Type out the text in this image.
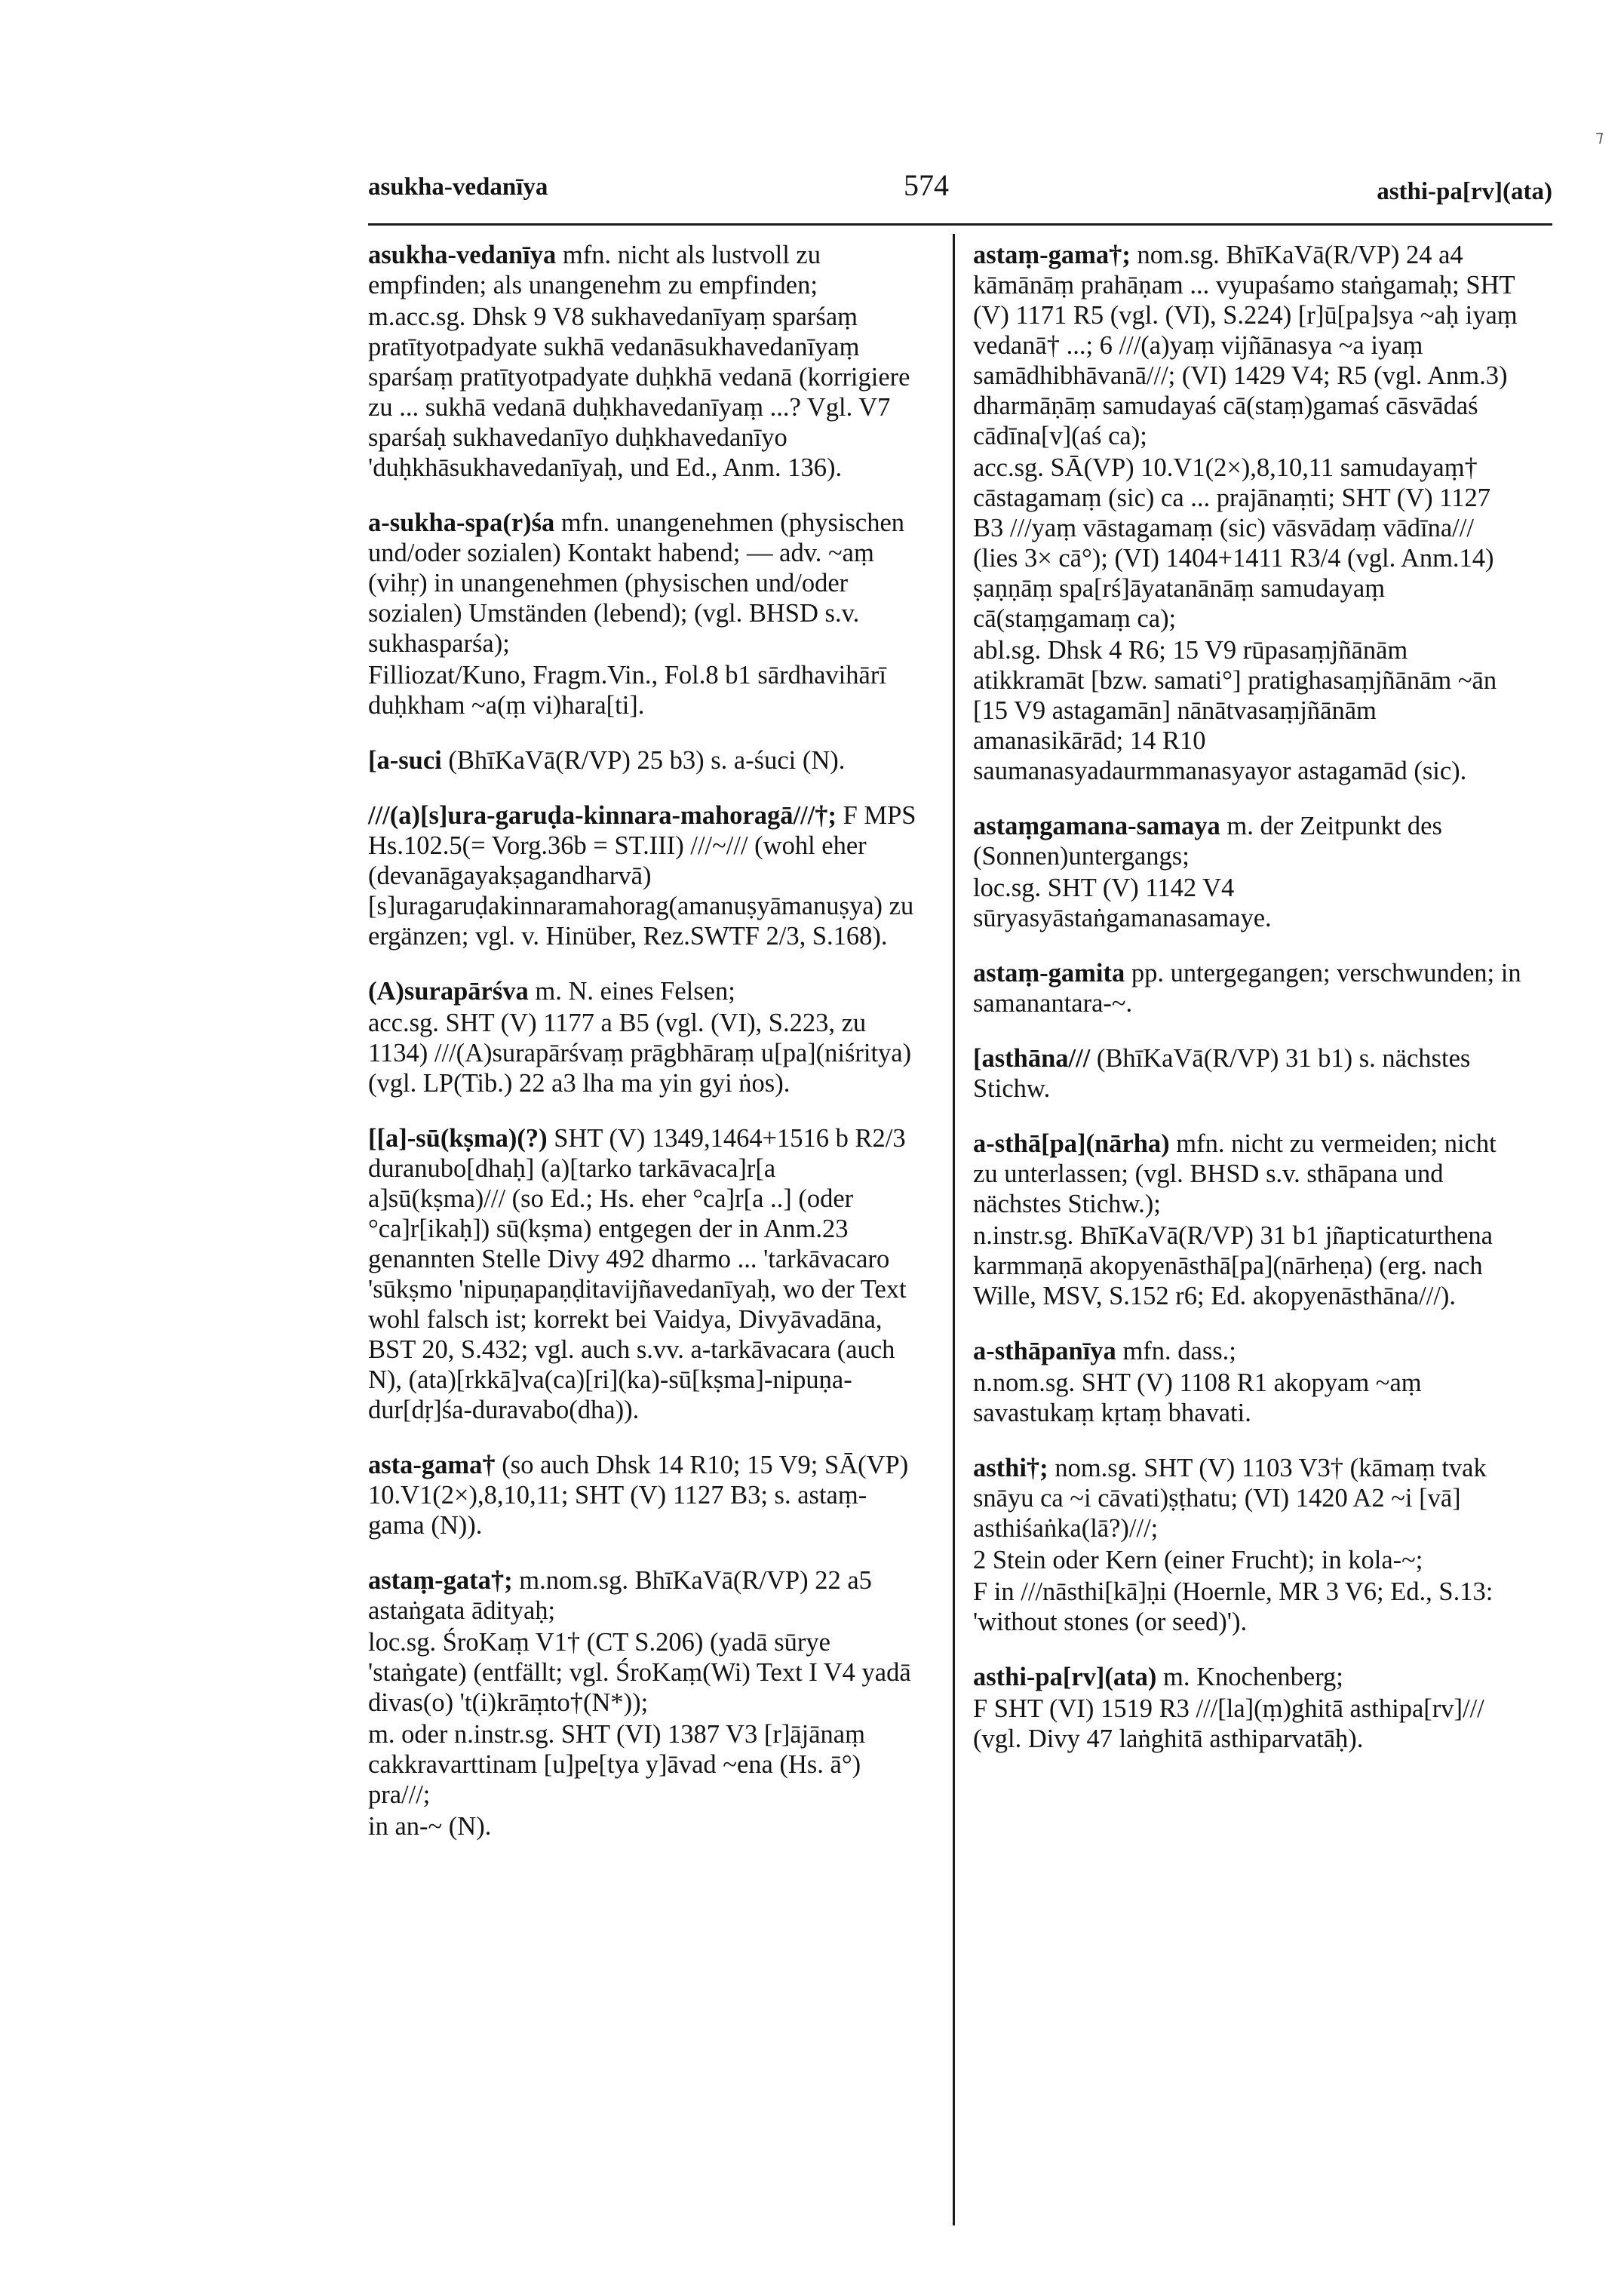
⁊
asukha-vedanīya	574	asthi-pa[rv](ata)

asukha-vedanīya mfn. nicht als lustvoll zu empfinden; als unangenehm zu empfinden;

m.acc.sg. Dhsk 9 V8 sukhavedanīyaṃ sparśaṃ pratītyotpadyate sukhā vedanāsukhavedanīyaṃ sparśaṃ pratītyotpadyate duḥkhā vedanā (korrigiere zu ... sukhā vedanā duḥkhavedanīyaṃ ...? Vgl. V7 sparśaḥ sukhavedanīyo duḥkhavedanīyo 'duḥkhāsukhavedanīyaḥ, und Ed., Anm. 136).

a-sukha-spa(r)śa mfn. unangenehmen (physischen und/oder sozialen) Kontakt habend; — adv. ~aṃ (vihṛ) in unangenehmen (physischen und/oder sozialen) Umständen (lebend); (vgl. BHSD s.v. sukhasparśa);

Filliozat/Kuno, Fragm.Vin., Fol.8 b1 sārdhavihārī duḥkham ~a(ṃ vi)hara[ti].

[a-suci (BhīKaVā(R/VP) 25 b3) s. a-śuci (N).

///(a)[s]ura-garuḍa-kinnara-mahoragā///†; F MPS Hs.102.5(= Vorg.36b = ST.III) ///~/// (wohl eher (devanāgayakṣagandharvā)[s]uragaruḍakinnaramahorag(amanuṣyāmanuṣya) zu ergänzen; vgl. v. Hinüber, Rez.SWTF 2/3, S.168).

(A)surapārśva m. N. eines Felsen;

acc.sg. SHT (V) 1177 a B5 (vgl. (VI), S.223, zu 1134) ///(A)surapārśvaṃ prāgbhāraṃ u[pa](niśritya) (vgl. LP(Tib.) 22 a3 lha ma yin gyi ṅos).

[[a]-sū(kṣma)(?) SHT (V) 1349,1464+1516 b R2/3 duranubo[dhaḥ] (a)[tarko tarkāvaca]r[a a]sū(kṣma)/// (so Ed.; Hs. eher °ca]r[a ..] (oder °ca]r[ikaḥ]) sū(kṣma) entgegen der in Anm.23 genannten Stelle Divy 492 dharmo ... 'tarkāvacaro 'sūkṣmo 'nipuṇapaṇḍitavijñavedanīyaḥ, wo der Text wohl falsch ist; korrekt bei Vaidya, Divyāvadāna, BST 20, S.432; vgl. auch s.vv. a-tarkāvacara (auch N), (ata)[rkkā]va(ca)[ri](ka)-sū[kṣma]-nipuṇa-dur[dṛ]śa-duravabo(dha)).

asta-gama† (so auch Dhsk 14 R10; 15 V9; SĀ(VP) 10.V1(2×),8,10,11; SHT (V) 1127 B3; s. astaṃ-gama (N)).

astaṃ-gata†; m.nom.sg. BhīKaVā(R/VP) 22 a5 astaṅgata ādityaḥ;

loc.sg. ŚroKaṃ V1† (CT S.206) (yadā sūrye 'staṅgate) (entfällt; vgl. ŚroKaṃ(Wi) Text I V4 yadā divas(o) 't(i)krāṃto†(N*));

m. oder n.instr.sg. SHT (VI) 1387 V3 [r]ājānaṃ cakkravarttinam [u]pe[tya y]āvad ~ena (Hs. ā°) pra///;

in an-~ (N).

astaṃ-gama†; nom.sg. BhīKaVā(R/VP) 24 a4 kāmānāṃ prahāṇam ... vyupaśamo staṅgamaḥ; SHT (V) 1171 R5 (vgl. (VI), S.224) [r]ū[pa]sya ~aḥ iyaṃ vedanā† ...; 6 ///(a)yaṃ vijñānasya ~a iyaṃ samādhibhāvanā///; (VI) 1429 V4; R5 (vgl. Anm.3) dharmāṇāṃ samudayaś cā(staṃ)gamaś cāsvādaś cādīna[v](aś ca);

acc.sg. SĀ(VP) 10.V1(2×),8,10,11 samudayaṃ† cāstagamaṃ (sic) ca ... prajānaṃti; SHT (V) 1127 B3 ///yaṃ vāstagamaṃ (sic) vāsvādaṃ vādīna/// (lies 3× cā°); (VI) 1404+1411 R3/4 (vgl. Anm.14) ṣaṇṇāṃ spa[rś]āyatanānāṃ samudayaṃ cā(staṃgamaṃ ca);

abl.sg. Dhsk 4 R6; 15 V9 rūpasaṃjñānām atikkramāt [bzw. samati°] pratighasaṃjñānām ~ān [15 V9 astagamān] nānātvasaṃjñānām amanasikārād; 14 R10 saumanasyadaurmmanasyayor astagamād (sic).

astaṃgamana-samaya m. der Zeitpunkt des (Sonnen)untergangs;

loc.sg. SHT (V) 1142 V4 sūryasyāstaṅgamanasamaye.

astaṃ-gamita pp. untergegangen; verschwunden; in samanantara-~.

[asthāna/// (BhīKaVā(R/VP) 31 b1) s. nächstes Stichw.

a-sthā[pa](nārha) mfn. nicht zu vermeiden; nicht zu unterlassen; (vgl. BHSD s.v. sthāpana und nächstes Stichw.);

n.instr.sg. BhīKaVā(R/VP) 31 b1 jñapticaturthena karmmaṇā akopyenāsthā[pa](nārheṇa) (erg. nach Wille, MSV, S.152 r6; Ed. akopyenāsthāna///).

a-sthāpanīya mfn. dass.;

n.nom.sg. SHT (V) 1108 R1 akopyam ~aṃ savastukaṃ kṛtaṃ bhavati.

asthi†; nom.sg. SHT (V) 1103 V3† (kāmaṃ tvak snāyu ca ~i cāvati)ṣṭhatu; (VI) 1420 A2 ~i [vā] asthiśaṅka(lā?)///;

2 Stein oder Kern (einer Frucht); in kola-~;

F in ///nāsthi[kā]ṇi (Hoernle, MR 3 V6; Ed., S.13: 'without stones (or seed)').

asthi-pa[rv](ata) m. Knochenberg;

F SHT (VI) 1519 R3 ///[la](ṃ)ghitā asthipa[rv]/// (vgl. Divy 47 laṅghitā asthiparvatāḥ).
